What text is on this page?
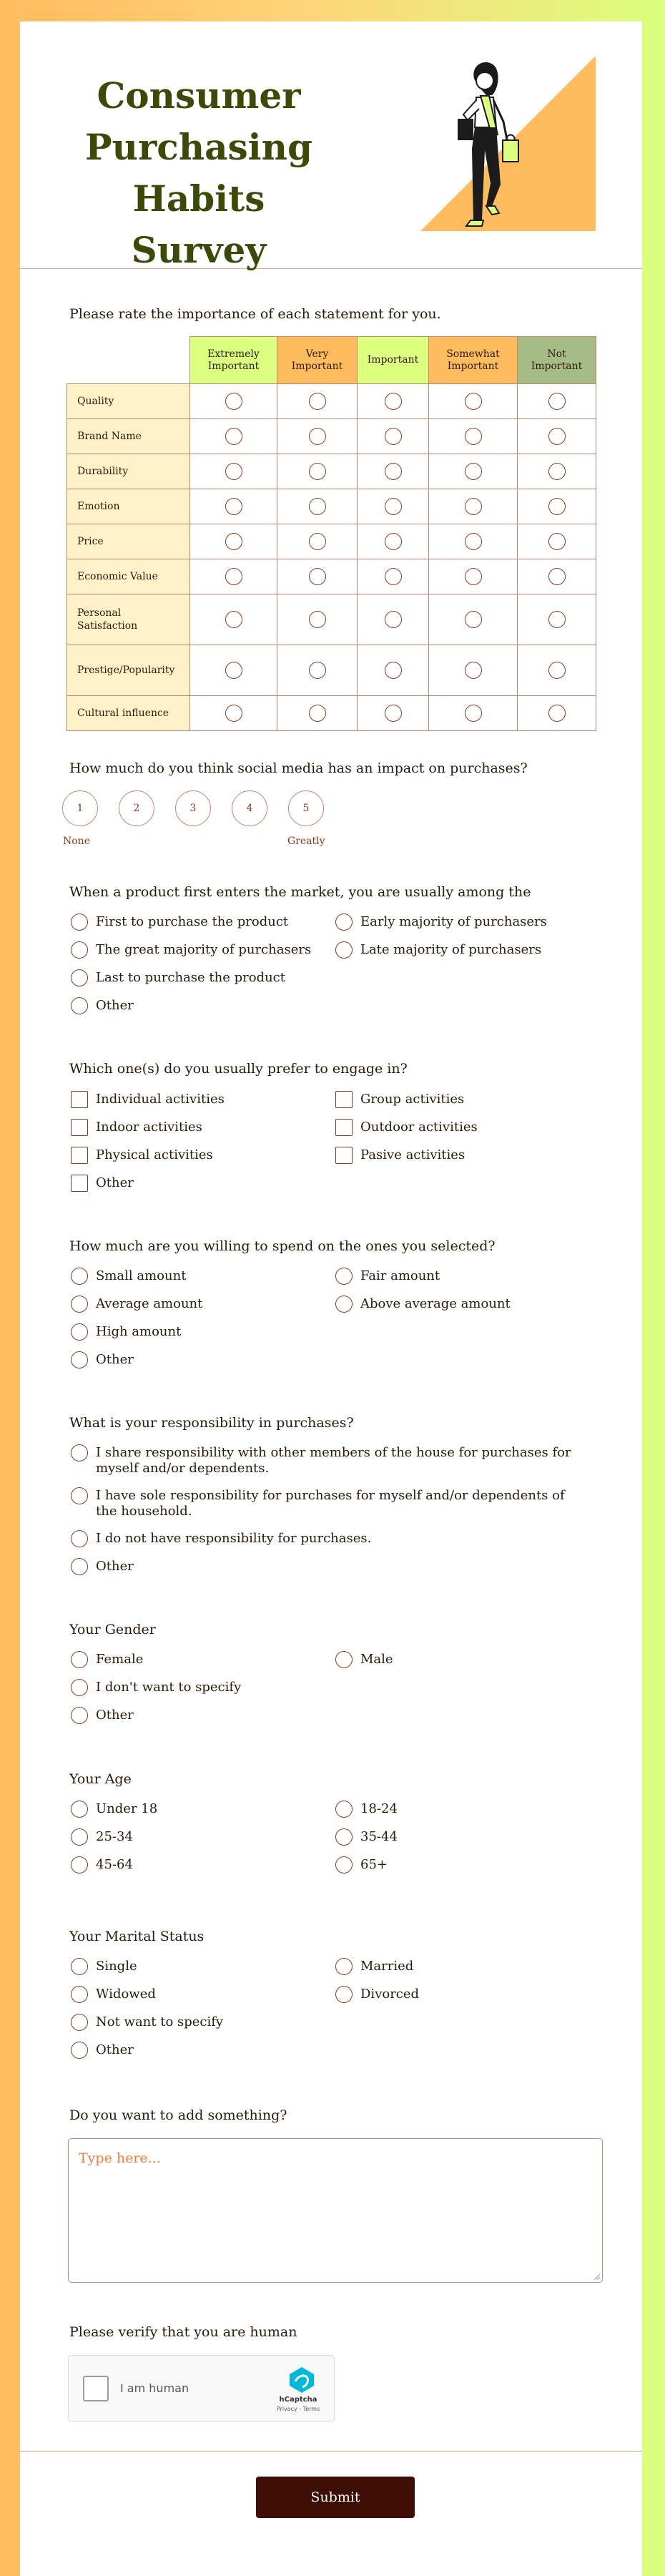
Consumer Purchasing Habits Survey
Please rate the importance of each statement for you.
	Extremely Important	Very Important	Important	Somewhat Important	Not Important
Quality					
Brand Name					
Durability					
Emotion					
Price					
Economic Value					
Personal Satisfaction					
Prestige/Popularity					
Cultural influence					
How much do you think social media has an impact on purchases?
1	2	3	4	5
None	Greatly
When a product first enters the market, you are usually among the
First to purchase the product	Early majority of purchasers
The great majority of purchasers	Late majority of purchasers
Last to purchase the product
Other
Which one(s) do you usually prefer to engage in?
Individual activities	Group activities
Indoor activities	Outdoor activities
Physical activities	Pasive activities
Other
How much are you willing to spend on the ones you selected?
Small amount	Fair amount
Average amount	Above average amount
High amount
Other
What is your responsibility in purchases?
I share responsibility with other members of the house for purchases for myself and/or dependents.
I have sole responsibility for purchases for myself and/or dependents of the household.
I do not have responsibility for purchases.
Other
Your Gender
Female	Male
I don't want to specify
Other
Your Age
Under 18	18-24
25-34	35-44
45-64	65+
Your Marital Status
Single	Married
Widowed	Divorced
Not want to specify
Other
Do you want to add something?
Type here...
Please verify that you are human
I am human
hCaptcha
Privacy - Terms
Submit
